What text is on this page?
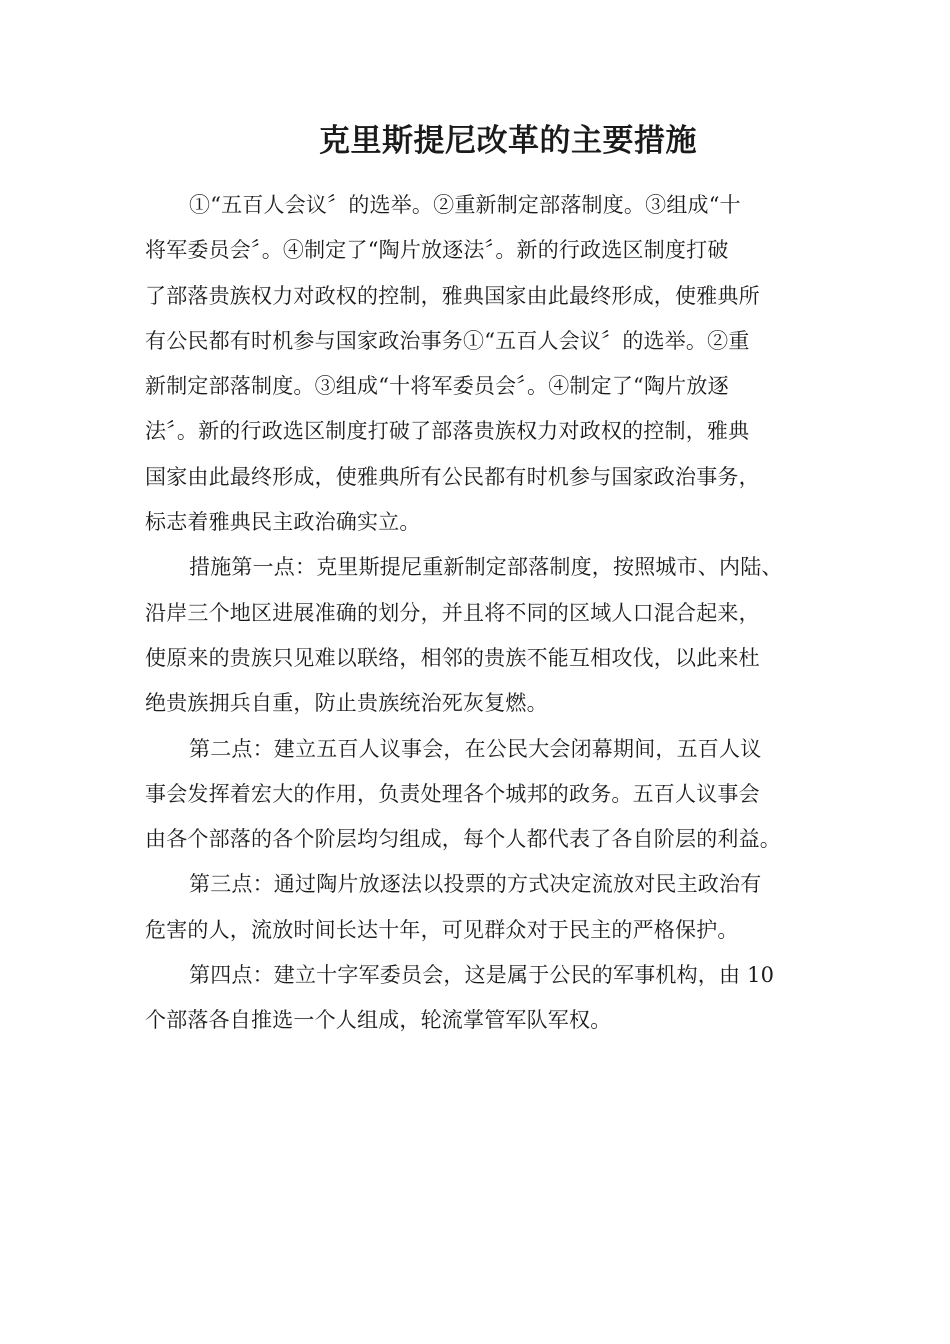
克里斯提尼改革的主要措施
①“五百人会议〞的选举。②重新制定部落制度。③组成“十
将军委员会〞。④制定了“陶片放逐法〞。新的行政选区制度打破
了部落贵族权力对政权的控制，雅典国家由此最终形成，使雅典所
有公民都有时机参与国家政治事务①“五百人会议〞的选举。②重
新制定部落制度。③组成“十将军委员会〞。④制定了“陶片放逐
法〞。新的行政选区制度打破了部落贵族权力对政权的控制，雅典
国家由此最终形成，使雅典所有公民都有时机参与国家政治事务，
标志着雅典民主政治确实立。
措施第一点：克里斯提尼重新制定部落制度，按照城市、内陆、
沿岸三个地区进展准确的划分，并且将不同的区域人口混合起来，
使原来的贵族只见难以联络，相邻的贵族不能互相攻伐，以此来杜
绝贵族拥兵自重，防止贵族统治死灰复燃。
第二点：建立五百人议事会，在公民大会闭幕期间，五百人议
事会发挥着宏大的作用，负责处理各个城邦的政务。五百人议事会
由各个部落的各个阶层均匀组成，每个人都代表了各自阶层的利益。
第三点：通过陶片放逐法以投票的方式决定流放对民主政治有
危害的人，流放时间长达十年，可见群众对于民主的严格保护。
第四点：建立十字军委员会，这是属于公民的军事机构，由 10
个部落各自推选一个人组成，轮流掌管军队军权。
